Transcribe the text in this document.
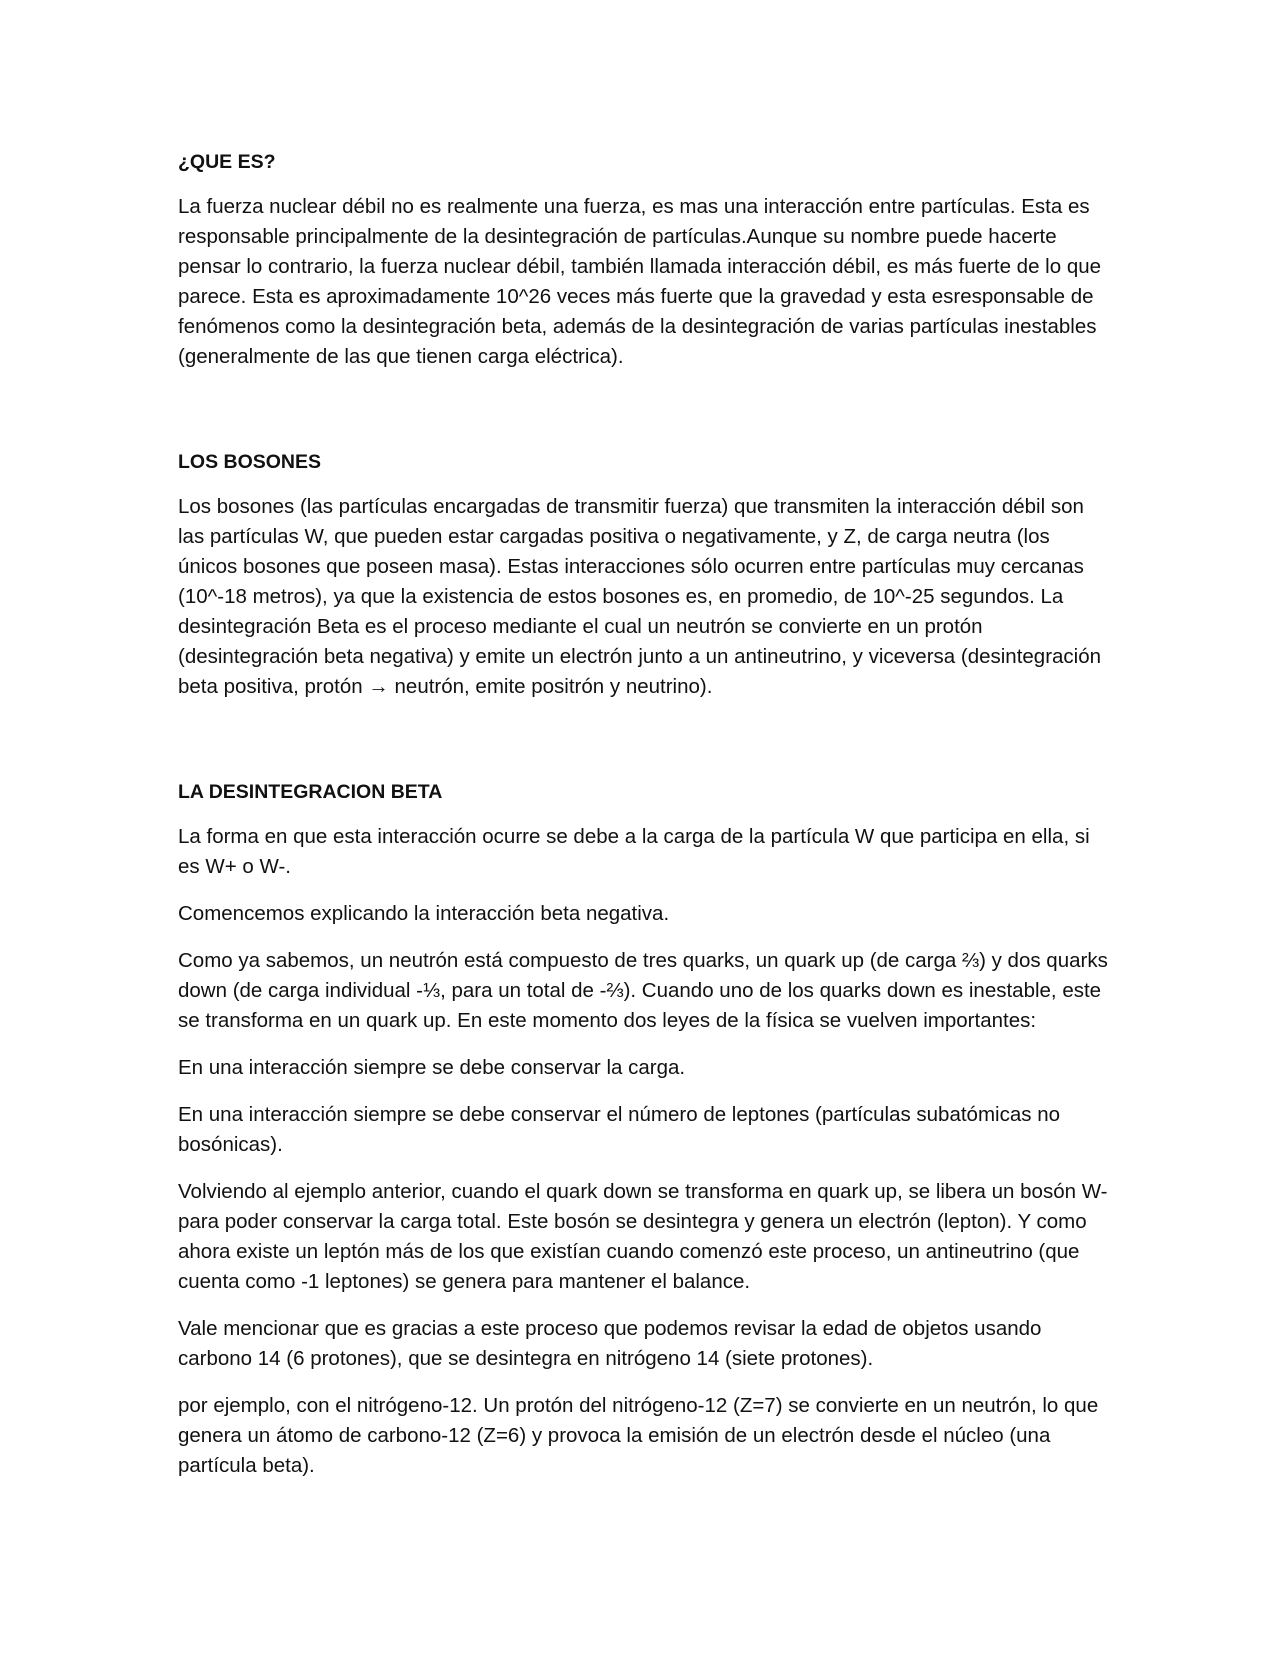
¿QUE ES?

La fuerza nuclear débil no es realmente una fuerza, es mas una interacción entre partículas. Esta es responsable principalmente de la desintegración de partículas.Aunque su nombre puede hacerte pensar lo contrario, la fuerza nuclear débil, también llamada interacción débil, es más fuerte de lo que parece. Esta es aproximadamente 10^26 veces más fuerte que la gravedad y esta esresponsable de fenómenos como la desintegración beta, además de la desintegración de varias partículas inestables (generalmente de las que tienen carga eléctrica).

LOS BOSONES

Los bosones (las partículas encargadas de transmitir fuerza) que transmiten la interacción débil son las partículas W, que pueden estar cargadas positiva o negativamente, y Z, de carga neutra (los únicos bosones que poseen masa). Estas interacciones sólo ocurren entre partículas muy cercanas (10^-18 metros), ya que la existencia de estos bosones es, en promedio, de 10^-25 segundos. La desintegración Beta es el proceso mediante el cual un neutrón se convierte en un protón (desintegración beta negativa) y emite un electrón junto a un antineutrino, y viceversa (desintegración beta positiva, protón → neutrón, emite positrón y neutrino).

LA DESINTEGRACION BETA

La forma en que esta interacción ocurre se debe a la carga de la partícula W que participa en ella, si es W+ o W-.

Comencemos explicando la interacción beta negativa.

Como ya sabemos, un neutrón está compuesto de tres quarks, un quark up (de carga ⅔) y dos quarks down (de carga individual -⅓, para un total de -⅔). Cuando uno de los quarks down es inestable, este se transforma en un quark up. En este momento dos leyes de la física se vuelven importantes:

En una interacción siempre se debe conservar la carga.

En una interacción siempre se debe conservar el número de leptones (partículas subatómicas no bosónicas).

Volviendo al ejemplo anterior, cuando el quark down se transforma en quark up, se libera un bosón W- para poder conservar la carga total. Este bosón se desintegra y genera un electrón (lepton). Y como ahora existe un leptón más de los que existían cuando comenzó este proceso, un antineutrino (que cuenta como -1 leptones) se genera para mantener el balance.

Vale mencionar que es gracias a este proceso que podemos revisar la edad de objetos usando carbono 14 (6 protones), que se desintegra en nitrógeno 14 (siete protones).

por ejemplo, con el nitrógeno-12. Un protón del nitrógeno-12 (Z=7) se convierte en un neutrón, lo que genera un átomo de carbono-12 (Z=6) y provoca la emisión de un electrón desde el núcleo (una partícula beta).
